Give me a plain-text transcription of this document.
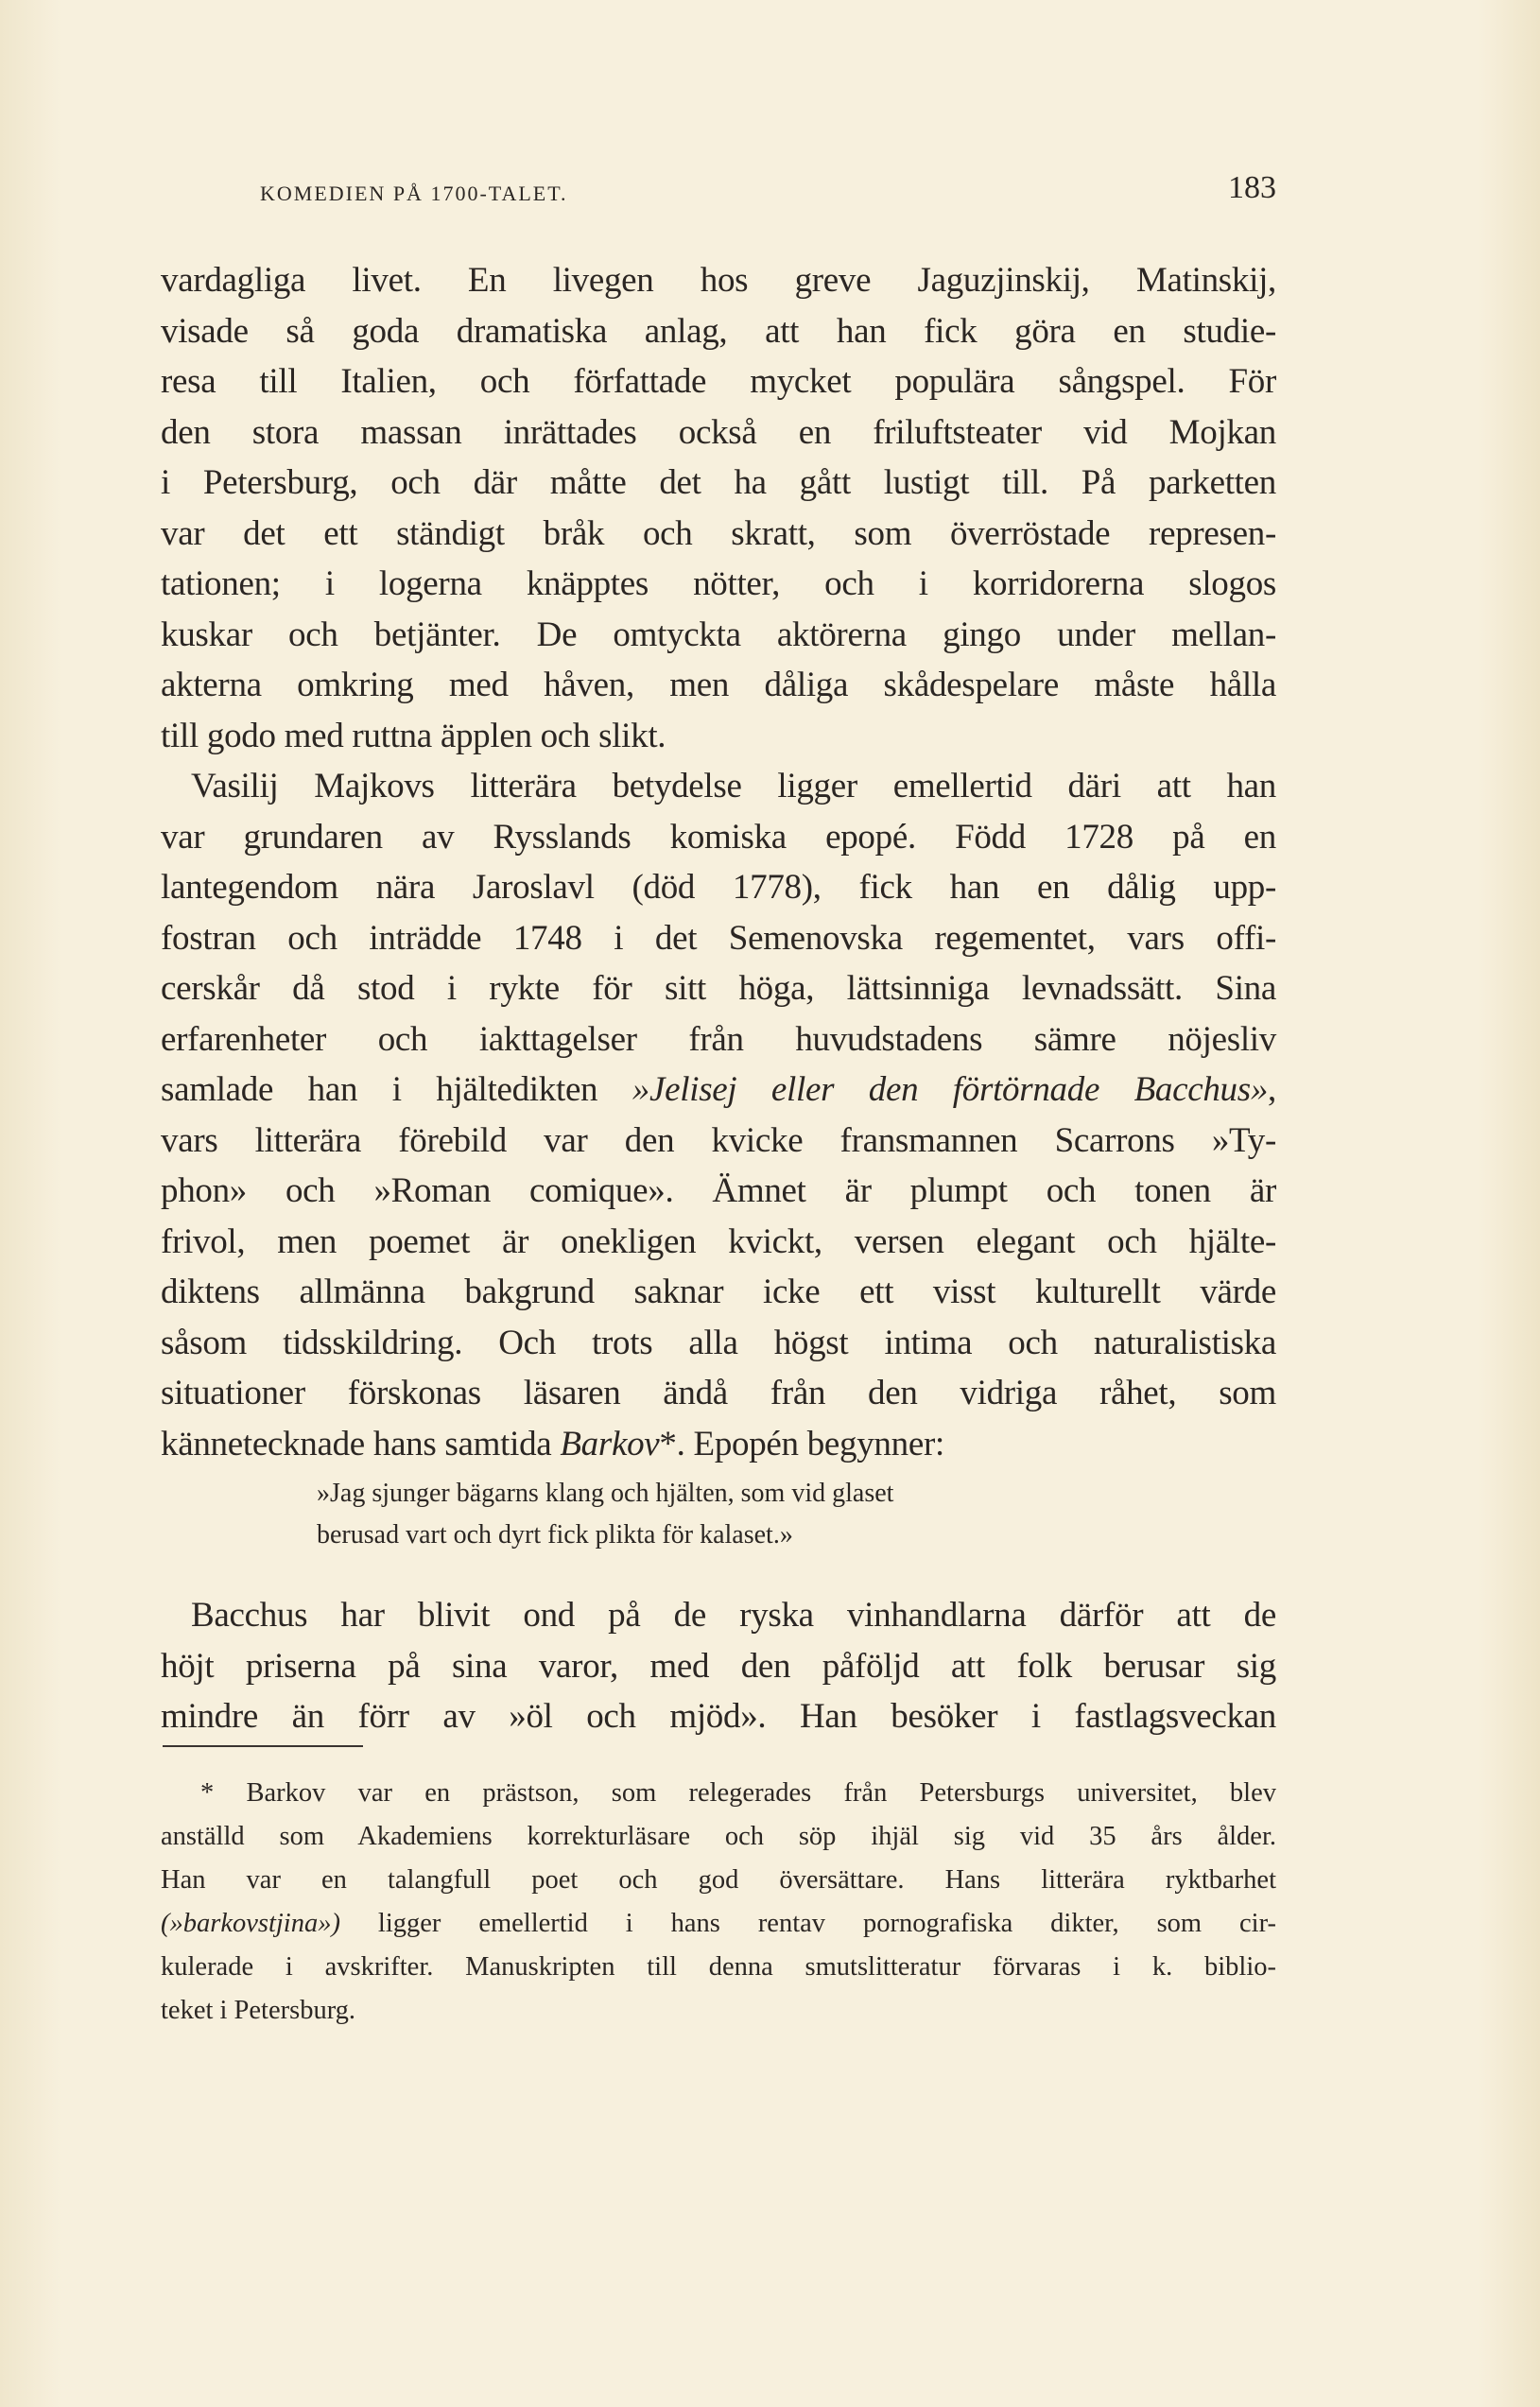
KOMEDIEN PÅ 1700-TALET.	183
vardagliga livet. En livegen hos greve Jaguzjinskij, Matinskij,
visade så goda dramatiska anlag, att han fick göra en studie-
resa till Italien, och författade mycket populära sångspel. För
den stora massan inrättades också en friluftsteater vid Mojkan
i Petersburg, och där måtte det ha gått lustigt till. På parketten
var det ett ständigt bråk och skratt, som överröstade represen-
tationen; i logerna knäpptes nötter, och i korridorerna slogos
kuskar och betjänter. De omtyckta aktörerna gingo under mellan-
akterna omkring med håven, men dåliga skådespelare måste hålla
till godo med ruttna äpplen och slikt.
Vasilij Majkovs litterära betydelse ligger emellertid däri att han
var grundaren av Rysslands komiska epopé. Född 1728 på en
lantegendom nära Jaroslavl (död 1778), fick han en dålig upp-
fostran och inträdde 1748 i det Semenovska regementet, vars offi-
cerskår då stod i rykte för sitt höga, lättsinniga levnadssätt. Sina
erfarenheter och iakttagelser från huvudstadens sämre nöjesliv
samlade han i hjältedikten »Jelisej eller den förtörnade Bacchus»,
vars litterära förebild var den kvicke fransmannen Scarrons »Ty-
phon» och »Roman comique». Ämnet är plumpt och tonen är
frivol, men poemet är onekligen kvickt, versen elegant och hjälte-
diktens allmänna bakgrund saknar icke ett visst kulturellt värde
såsom tidsskildring. Och trots alla högst intima och naturalistiska
situationer förskonas läsaren ändå från den vidriga råhet, som
kännetecknade hans samtida Barkov*. Epopén begynner:
»Jag sjunger bägarns klang och hjälten, som vid glaset
berusad vart och dyrt fick plikta för kalaset.»
Bacchus har blivit ond på de ryska vinhandlarna därför att de
höjt priserna på sina varor, med den påföljd att folk berusar sig
mindre än förr av »öl och mjöd». Han besöker i fastlagsveckan
* Barkov var en prästson, som relegerades från Petersburgs universitet, blev
anställd som Akademiens korrekturläsare och söp ihjäl sig vid 35 års ålder.
Han var en talangfull poet och god översättare. Hans litterära ryktbarhet
(»barkovstjina») ligger emellertid i hans rentav pornografiska dikter, som cir-
kulerade i avskrifter. Manuskripten till denna smutslitteratur förvaras i k. biblio-
teket i Petersburg.
